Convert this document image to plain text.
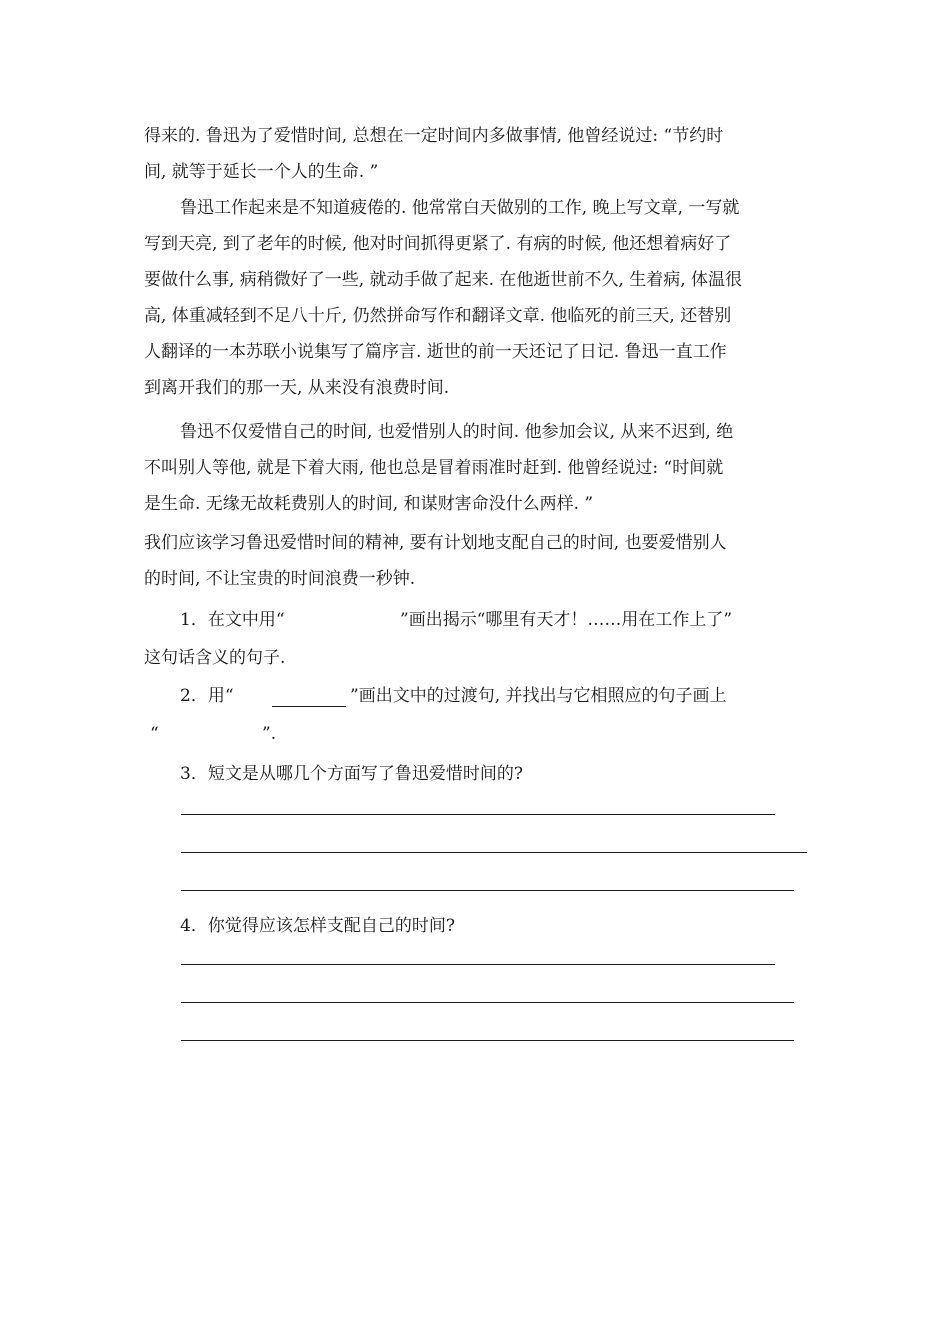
得来的. 鲁迅为了爱惜时间, 总想在一定时间内多做事情, 他曾经说过: “节约时
间, 就等于延长一个人的生命. ”
鲁迅工作起来是不知道疲倦的. 他常常白天做别的工作, 晚上写文章, 一写就
写到天亮, 到了老年的时候, 他对时间抓得更紧了. 有病的时候, 他还想着病好了
要做什么事, 病稍微好了一些, 就动手做了起来. 在他逝世前不久, 生着病, 体温很
高, 体重减轻到不足八十斤, 仍然拼命写作和翻译文章. 他临死的前三天, 还替别
人翻译的一本苏联小说集写了篇序言. 逝世的前一天还记了日记. 鲁迅一直工作
到离开我们的那一天, 从来没有浪费时间.
鲁迅不仅爱惜自己的时间, 也爱惜别人的时间. 他参加会议, 从来不迟到, 绝
不叫别人等他, 就是下着大雨, 他也总是冒着雨准时赶到. 他曾经说过: “时间就
是生命. 无缘无故耗费别人的时间, 和谋财害命没什么两样. ”
我们应该学习鲁迅爱惜时间的精神, 要有计划地支配自己的时间, 也要爱惜别人
的时间, 不让宝贵的时间浪费一秒钟.
1．在文中用“	”画出揭示“哪里有天才！……用在工作上了”
这句话含义的句子.
2．用“	”画出文中的过渡句, 并找出与它相照应的句子画上
“	”.
3．短文是从哪几个方面写了鲁迅爱惜时间的?
4．你觉得应该怎样支配自己的时间?
